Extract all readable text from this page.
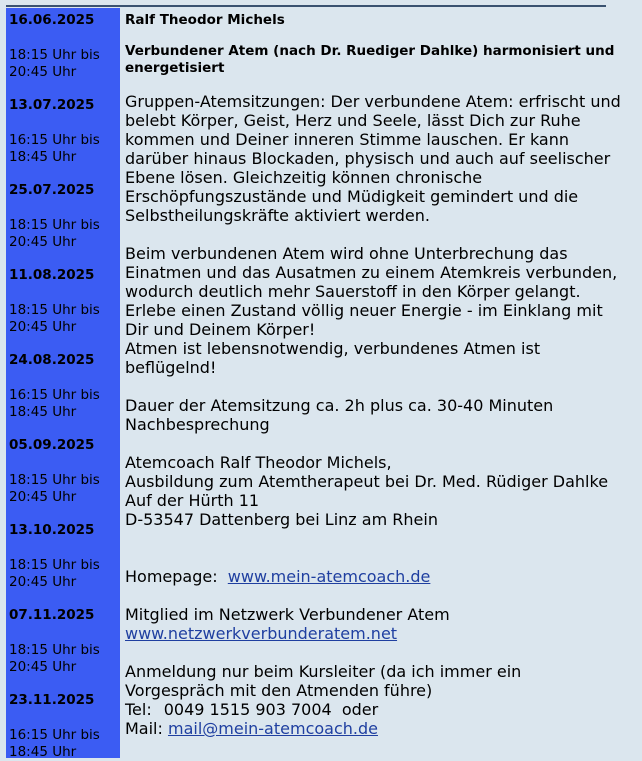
16.06.2025
18:15 Uhr bis 20:45 Uhr
13.07.2025
16:15 Uhr bis 18:45 Uhr
25.07.2025
18:15 Uhr bis 20:45 Uhr
11.08.2025
18:15 Uhr bis 20:45 Uhr
24.08.2025
16:15 Uhr bis 18:45 Uhr
05.09.2025
18:15 Uhr bis 20:45 Uhr
13.10.2025
18:15 Uhr bis 20:45 Uhr
07.11.2025
18:15 Uhr bis 20:45 Uhr
23.11.2025
16:15 Uhr bis 18:45 Uhr
Ralf Theodor Michels
Verbundener Atem (nach Dr. Ruediger Dahlke) harmonisiert und energetisiert
Gruppen-Atemsitzungen: Der verbundene Atem: erfrischt und belebt Körper, Geist, Herz und Seele, lässt Dich zur Ruhe kommen und Deiner inneren Stimme lauschen. Er kann darüber hinaus Blockaden, physisch und auch auf seelischer Ebene lösen. Gleichzeitig können chronische Erschöpfungszustände und Müdigkeit gemindert und die Selbstheilungskräfte aktiviert werden.
Beim verbundenen Atem wird ohne Unterbrechung das Einatmen und das Ausatmen zu einem Atemkreis verbunden, wodurch deutlich mehr Sauerstoff in den Körper gelangt. Erlebe einen Zustand völlig neuer Energie - im Einklang mit Dir und Deinem Körper!
Atmen ist lebensnotwendig, verbundenes Atmen ist beflügelnd!
Dauer der Atemsitzung ca. 2h plus ca. 30-40 Minuten Nachbesprechung
Atemcoach Ralf Theodor Michels,
Ausbildung zum Atemtherapeut bei Dr. Med. Rüdiger Dahlke
Auf der Hürth 11
D-53547 Dattenberg bei Linz am Rhein
Homepage: www.mein-atemcoach.de
Mitglied im Netzwerk Verbundener Atem
www.netzwerkverbunderatem.net
Anmeldung nur beim Kursleiter (da ich immer ein Vorgespräch mit den Atmenden führe)
Tel: 0049 1515 903 7004 oder
Mail: mail@mein-atemcoach.de
